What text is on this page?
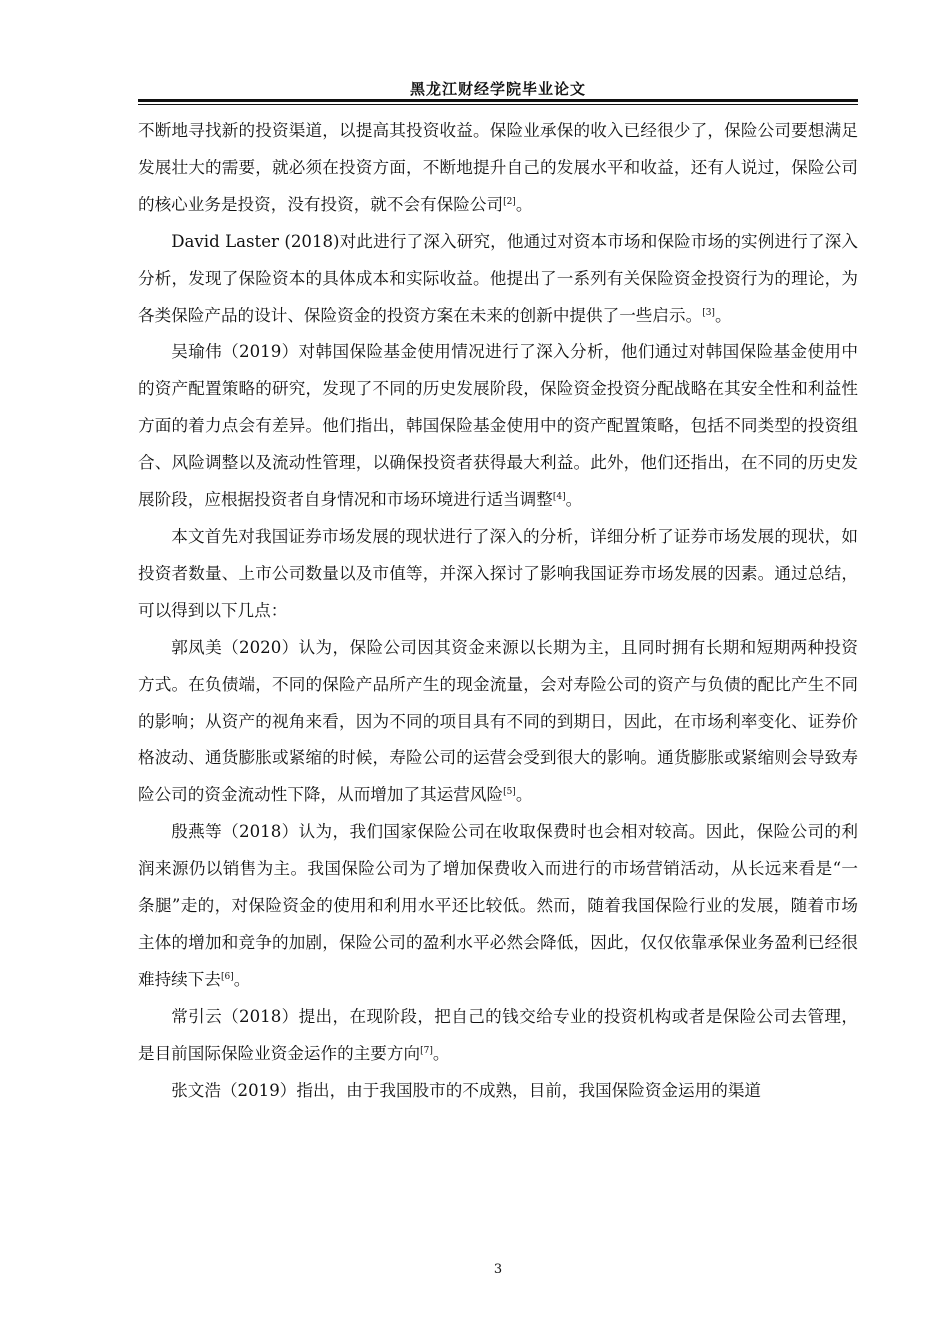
黑龙江财经学院毕业论文

不断地寻找新的投资渠道，以提高其投资收益。保险业承保的收入已经很少了，保险公司要想满足发展壮大的需要，就必须在投资方面，不断地提升自己的发展水平和收益，还有人说过，保险公司的核心业务是投资，没有投资，就不会有保险公司[2]。

David Laster (2018)对此进行了深入研究，他通过对资本市场和保险市场的实例进行了深入分析，发现了保险资本的具体成本和实际收益。他提出了一系列有关保险资金投资行为的理论，为各类保险产品的设计、保险资金的投资方案在未来的创新中提供了一些启示。[3]。

吴瑜伟（2019）对韩国保险基金使用情况进行了深入分析，他们通过对韩国保险基金使用中的资产配置策略的研究，发现了不同的历史发展阶段，保险资金投资分配战略在其安全性和利益性方面的着力点会有差异。他们指出，韩国保险基金使用中的资产配置策略，包括不同类型的投资组合、风险调整以及流动性管理，以确保投资者获得最大利益。此外，他们还指出，在不同的历史发展阶段，应根据投资者自身情况和市场环境进行适当调整[4]。

本文首先对我国证券市场发展的现状进行了深入的分析，详细分析了证券市场发展的现状，如投资者数量、上市公司数量以及市值等，并深入探讨了影响我国证券市场发展的因素。通过总结，可以得到以下几点：

郭凤美（2020）认为，保险公司因其资金来源以长期为主，且同时拥有长期和短期两种投资方式。在负债端，不同的保险产品所产生的现金流量，会对寿险公司的资产与负债的配比产生不同的影响；从资产的视角来看，因为不同的项目具有不同的到期日，因此，在市场利率变化、证券价格波动、通货膨胀或紧缩的时候，寿险公司的运营会受到很大的影响。通货膨胀或紧缩则会导致寿险公司的资金流动性下降，从而增加了其运营风险[5]。

殷燕等（2018）认为，我们国家保险公司在收取保费时也会相对较高。因此，保险公司的利润来源仍以销售为主。我国保险公司为了增加保费收入而进行的市场营销活动，从长远来看是“一条腿”走的，对保险资金的使用和利用水平还比较低。然而，随着我国保险行业的发展，随着市场主体的增加和竞争的加剧，保险公司的盈利水平必然会降低，因此，仅仅依靠承保业务盈利已经很难持续下去[6]。

常引云（2018）提出，在现阶段，把自己的钱交给专业的投资机构或者是保险公司去管理，是目前国际保险业资金运作的主要方向[7]。

张文浩（2019）指出，由于我国股市的不成熟，目前，我国保险资金运用的渠道

3
